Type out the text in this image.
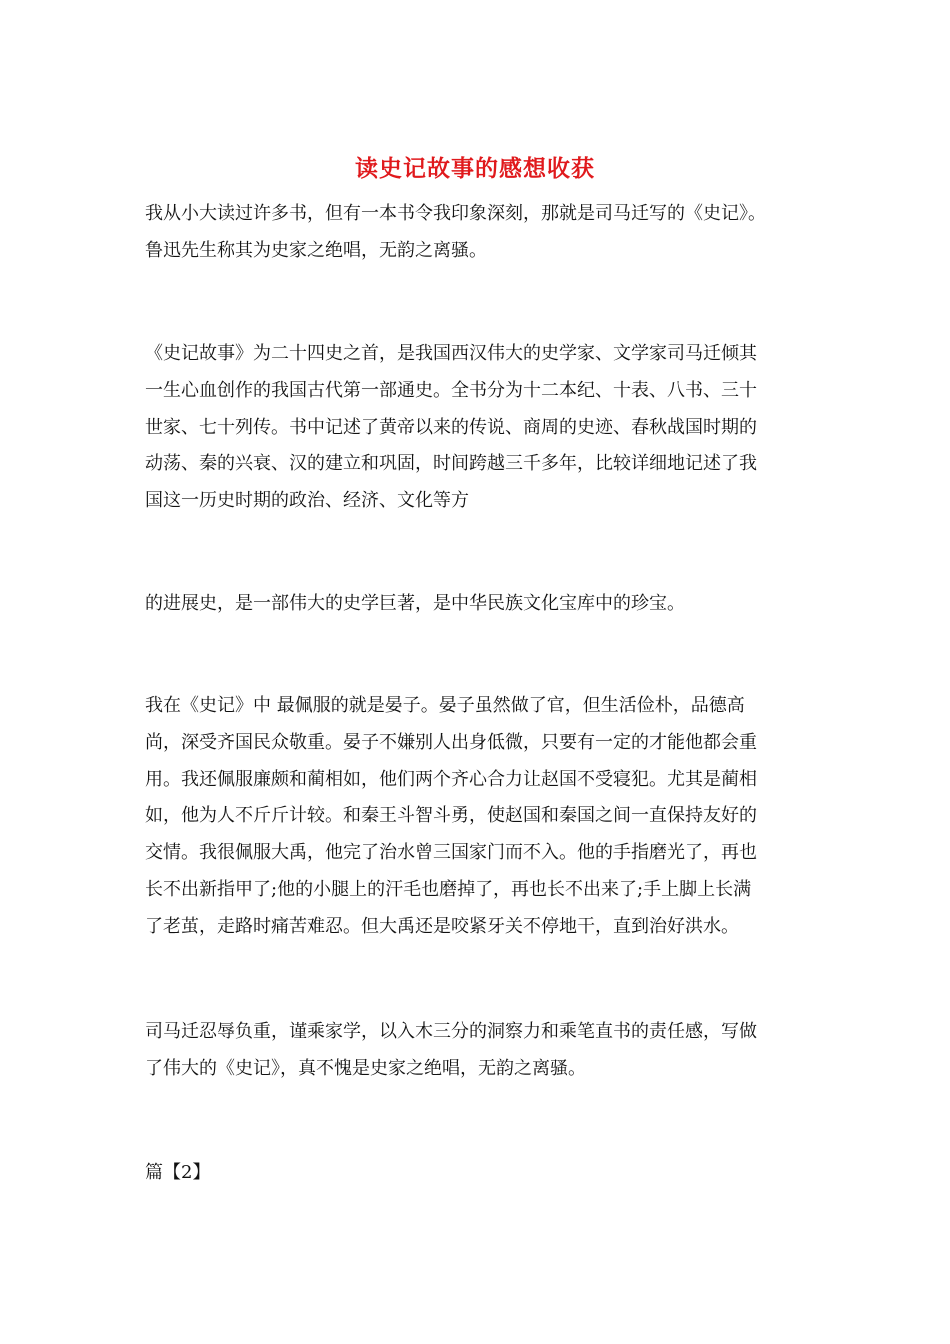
读史记故事的感想收获
我从小大读过许多书，但有一本书令我印象深刻，那就是司马迁写的《史记》。
鲁迅先生称其为史家之绝唱，无韵之离骚。
《史记故事》为二十四史之首，是我国西汉伟大的史学家、文学家司马迁倾其
一生心血创作的我国古代第一部通史。全书分为十二本纪、十表、八书、三十
世家、七十列传。书中记述了黄帝以来的传说、商周的史迹、春秋战国时期的
动荡、秦的兴衰、汉的建立和巩固，时间跨越三千多年，比较详细地记述了我
国这一历史时期的政治、经济、文化等方
的进展史，是一部伟大的史学巨著，是中华民族文化宝库中的珍宝。
我在《史记》中 最佩服的就是晏子。晏子虽然做了官，但生活俭朴，品德高
尚，深受齐国民众敬重。晏子不嫌别人出身低微，只要有一定的才能他都会重
用。我还佩服廉颇和蔺相如，他们两个齐心合力让赵国不受寝犯。尤其是蔺相
如，他为人不斤斤计较。和秦王斗智斗勇，使赵国和秦国之间一直保持友好的
交情。我很佩服大禹，他完了治水曾三国家门而不入。他的手指磨光了，再也
长不出新指甲了;他的小腿上的汗毛也磨掉了，再也长不出来了;手上脚上长满
了老茧，走路时痛苦难忍。但大禹还是咬紧牙关不停地干，直到治好洪水。
司马迁忍辱负重，谨乘家学，以入木三分的洞察力和乘笔直书的责任感，写做
了伟大的《史记》，真不愧是史家之绝唱，无韵之离骚。
篇【2】
